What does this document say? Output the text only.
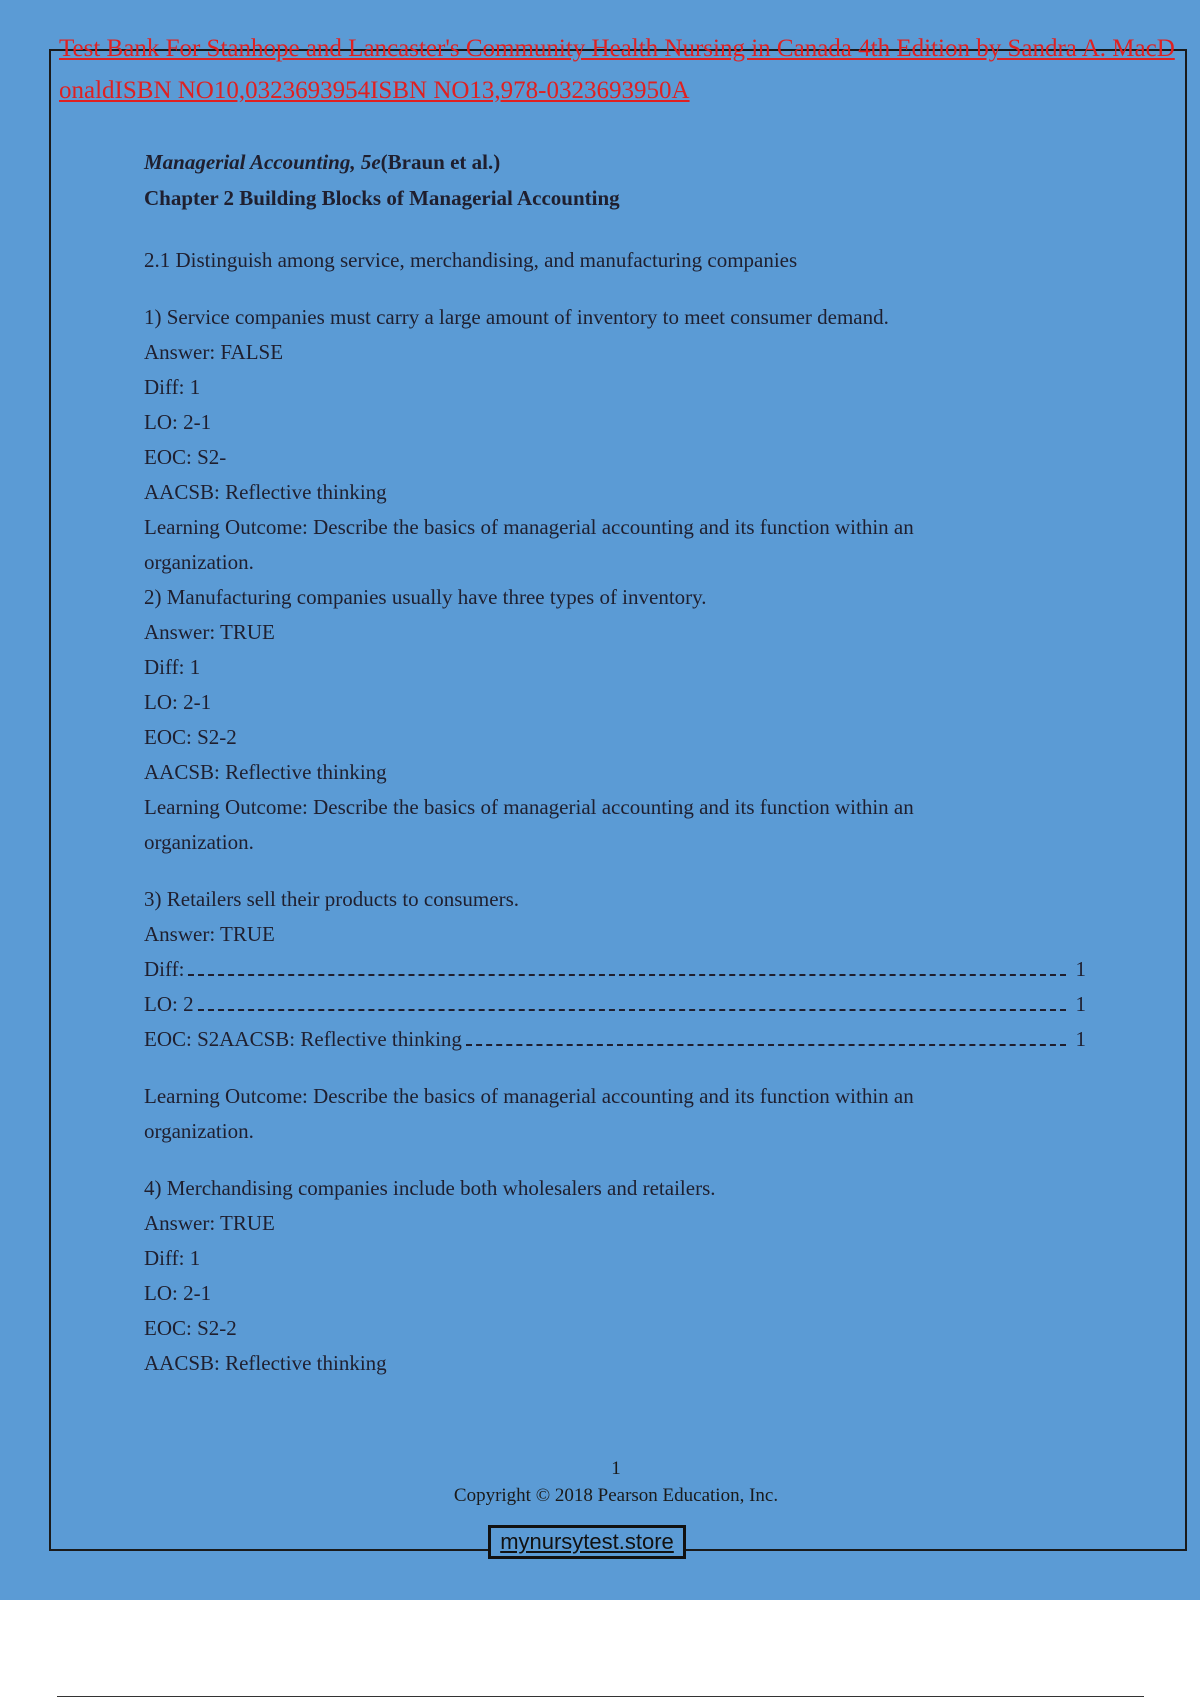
Test Bank For Stanhope and Lancaster's Community Health Nursing in Canada 4th Edition by Sandra A. MacDonaldISBN NO10,0323693954ISBN NO13,978-0323693950A
Managerial Accounting, 5e(Braun et al.)
Chapter 2 Building Blocks of Managerial Accounting
2.1 Distinguish among service, merchandising, and manufacturing companies
1) Service companies must carry a large amount of inventory to meet consumer demand.
Answer: FALSE
Diff: 1
LO: 2-1
EOC: S2-
AACSB: Reflective thinking
Learning Outcome: Describe the basics of managerial accounting and its function within an organization.
2) Manufacturing companies usually have three types of inventory.
Answer: TRUE
Diff: 1
LO: 2-1
EOC: S2-2
AACSB: Reflective thinking
Learning Outcome: Describe the basics of managerial accounting and its function within an organization.
3) Retailers sell their products to consumers.
Answer: TRUE
Diff:	1
LO: 2	1
EOC: S2AACSB: Reflective thinking	1
Learning Outcome: Describe the basics of managerial accounting and its function within an organization.
4) Merchandising companies include both wholesalers and retailers.
Answer: TRUE
Diff: 1
LO: 2-1
EOC: S2-2
AACSB: Reflective thinking
1
Copyright © 2018 Pearson Education, Inc.
mynursytest.store
